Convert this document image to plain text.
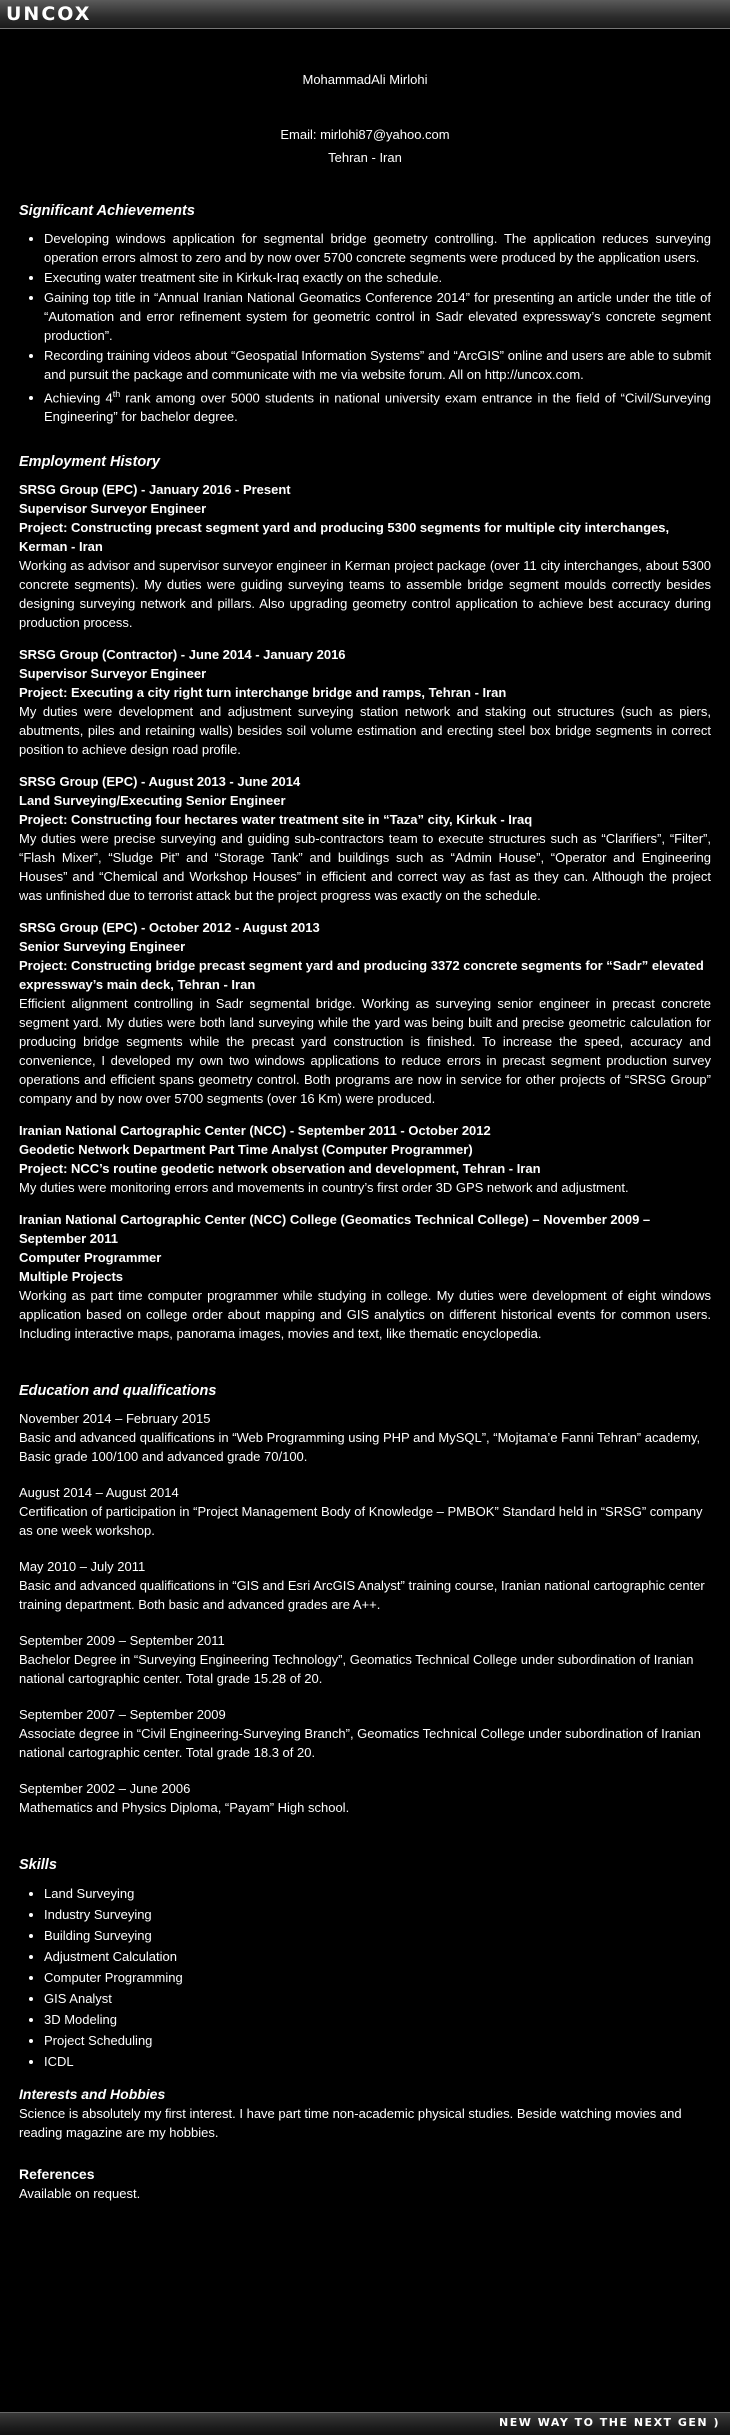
UNCOX
MohammadAli Mirlohi
Email: mirlohi87@yahoo.com
Tehran - Iran
Significant Achievements
• Developing windows application for segmental bridge geometry controlling. The application reduces surveying operation errors almost to zero and by now over 5700 concrete segments were produced by the application users.
• Executing water treatment site in Kirkuk-Iraq exactly on the schedule.
• Gaining top title in “Annual Iranian National Geomatics Conference 2014” for presenting an article under the title of “Automation and error refinement system for geometric control in Sadr elevated expressway’s concrete segment production”.
• Recording training videos about “Geospatial Information Systems” and “ArcGIS” online and users are able to submit and pursuit the package and communicate with me via website forum. All on http://uncox.com.
• Achieving 4th rank among over 5000 students in national university exam entrance in the field of “Civil/Surveying Engineering” for bachelor degree.
Employment History
SRSG Group (EPC) - January 2016 - Present
Supervisor Surveyor Engineer
Project: Constructing precast segment yard and producing 5300 segments for multiple city interchanges, Kerman - Iran
Working as advisor and supervisor surveyor engineer in Kerman project package (over 11 city interchanges, about 5300 concrete segments). My duties were guiding surveying teams to assemble bridge segment moulds correctly besides designing surveying network and pillars. Also upgrading geometry control application to achieve best accuracy during production process.
SRSG Group (Contractor) - June 2014 - January 2016
Supervisor Surveyor Engineer
Project: Executing a city right turn interchange bridge and ramps, Tehran - Iran
My duties were development and adjustment surveying station network and staking out structures (such as piers, abutments, piles and retaining walls) besides soil volume estimation and erecting steel box bridge segments in correct position to achieve design road profile.
SRSG Group (EPC) - August 2013 - June 2014
Land Surveying/Executing Senior Engineer
Project: Constructing four hectares water treatment site in “Taza” city, Kirkuk - Iraq
My duties were precise surveying and guiding sub-contractors team to execute structures such as “Clarifiers”, “Filter”, “Flash Mixer”, “Sludge Pit” and “Storage Tank” and buildings such as “Admin House”, “Operator and Engineering Houses” and “Chemical and Workshop Houses” in efficient and correct way as fast as they can. Although the project was unfinished due to terrorist attack but the project progress was exactly on the schedule.
SRSG Group (EPC) - October 2012 - August 2013
Senior Surveying Engineer
Project: Constructing bridge precast segment yard and producing 3372 concrete segments for “Sadr” elevated expressway’s main deck, Tehran - Iran
Efficient alignment controlling in Sadr segmental bridge. Working as surveying senior engineer in precast concrete segment yard. My duties were both land surveying while the yard was being built and precise geometric calculation for producing bridge segments while the precast yard construction is finished. To increase the speed, accuracy and convenience, I developed my own two windows applications to reduce errors in precast segment production survey operations and efficient spans geometry control. Both programs are now in service for other projects of “SRSG Group” company and by now over 5700 segments (over 16 Km) were produced.
Iranian National Cartographic Center (NCC) - September 2011 - October 2012
Geodetic Network Department Part Time Analyst (Computer Programmer)
Project: NCC’s routine geodetic network observation and development, Tehran - Iran
My duties were monitoring errors and movements in country’s first order 3D GPS network and adjustment.
Iranian National Cartographic Center (NCC) College (Geomatics Technical College) – November 2009 – September 2011
Computer Programmer
Multiple Projects
Working as part time computer programmer while studying in college. My duties were development of eight windows application based on college order about mapping and GIS analytics on different historical events for common users. Including interactive maps, panorama images, movies and text, like thematic encyclopedia.
Education and qualifications
November 2014 – February 2015
Basic and advanced qualifications in “Web Programming using PHP and MySQL”, “Mojtama’e Fanni Tehran” academy, Basic grade 100/100 and advanced grade 70/100.
August 2014 – August 2014
Certification of participation in “Project Management Body of Knowledge – PMBOK” Standard held in “SRSG” company as one week workshop.
May 2010 – July 2011
Basic and advanced qualifications in “GIS and Esri ArcGIS Analyst” training course, Iranian national cartographic center training department. Both basic and advanced grades are A++.
September 2009 – September 2011
Bachelor Degree in “Surveying Engineering Technology”, Geomatics Technical College under subordination of Iranian national cartographic center. Total grade 15.28 of 20.
September 2007 – September 2009
Associate degree in “Civil Engineering-Surveying Branch”, Geomatics Technical College under subordination of Iranian national cartographic center. Total grade 18.3 of 20.
September 2002 – June 2006
Mathematics and Physics Diploma, “Payam” High school.
Skills
• Land Surveying
• Industry Surveying
• Building Surveying
• Adjustment Calculation
• Computer Programming
• GIS Analyst
• 3D Modeling
• Project Scheduling
• ICDL
Interests and Hobbies

Science is absolutely my first interest. I have part time non-academic physical studies. Beside watching movies and reading magazine are my hobbies.

References

Available on request.

NEW WAY TO THE NEXT GEN )
